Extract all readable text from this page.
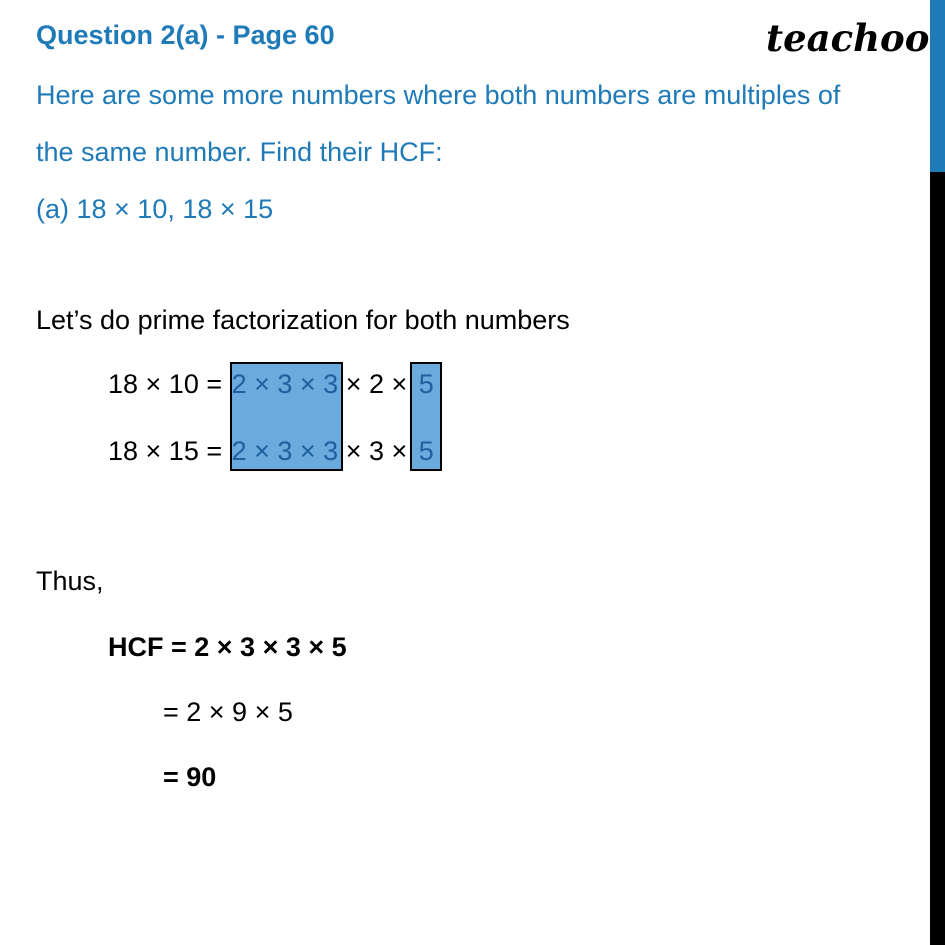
Question 2(a) - Page 60	teachoo
Here are some more numbers where both numbers are multiples of
the same number. Find their HCF:
(a) 18 × 10, 18 × 15
Let’s do prime factorization for both numbers
18 × 10 = 2 × 3 × 3 × 2 × 5
18 × 15 = 2 × 3 × 3 × 3 × 5
Thus,
HCF = 2 × 3 × 3 × 5
= 2 × 9 × 5
= 90
